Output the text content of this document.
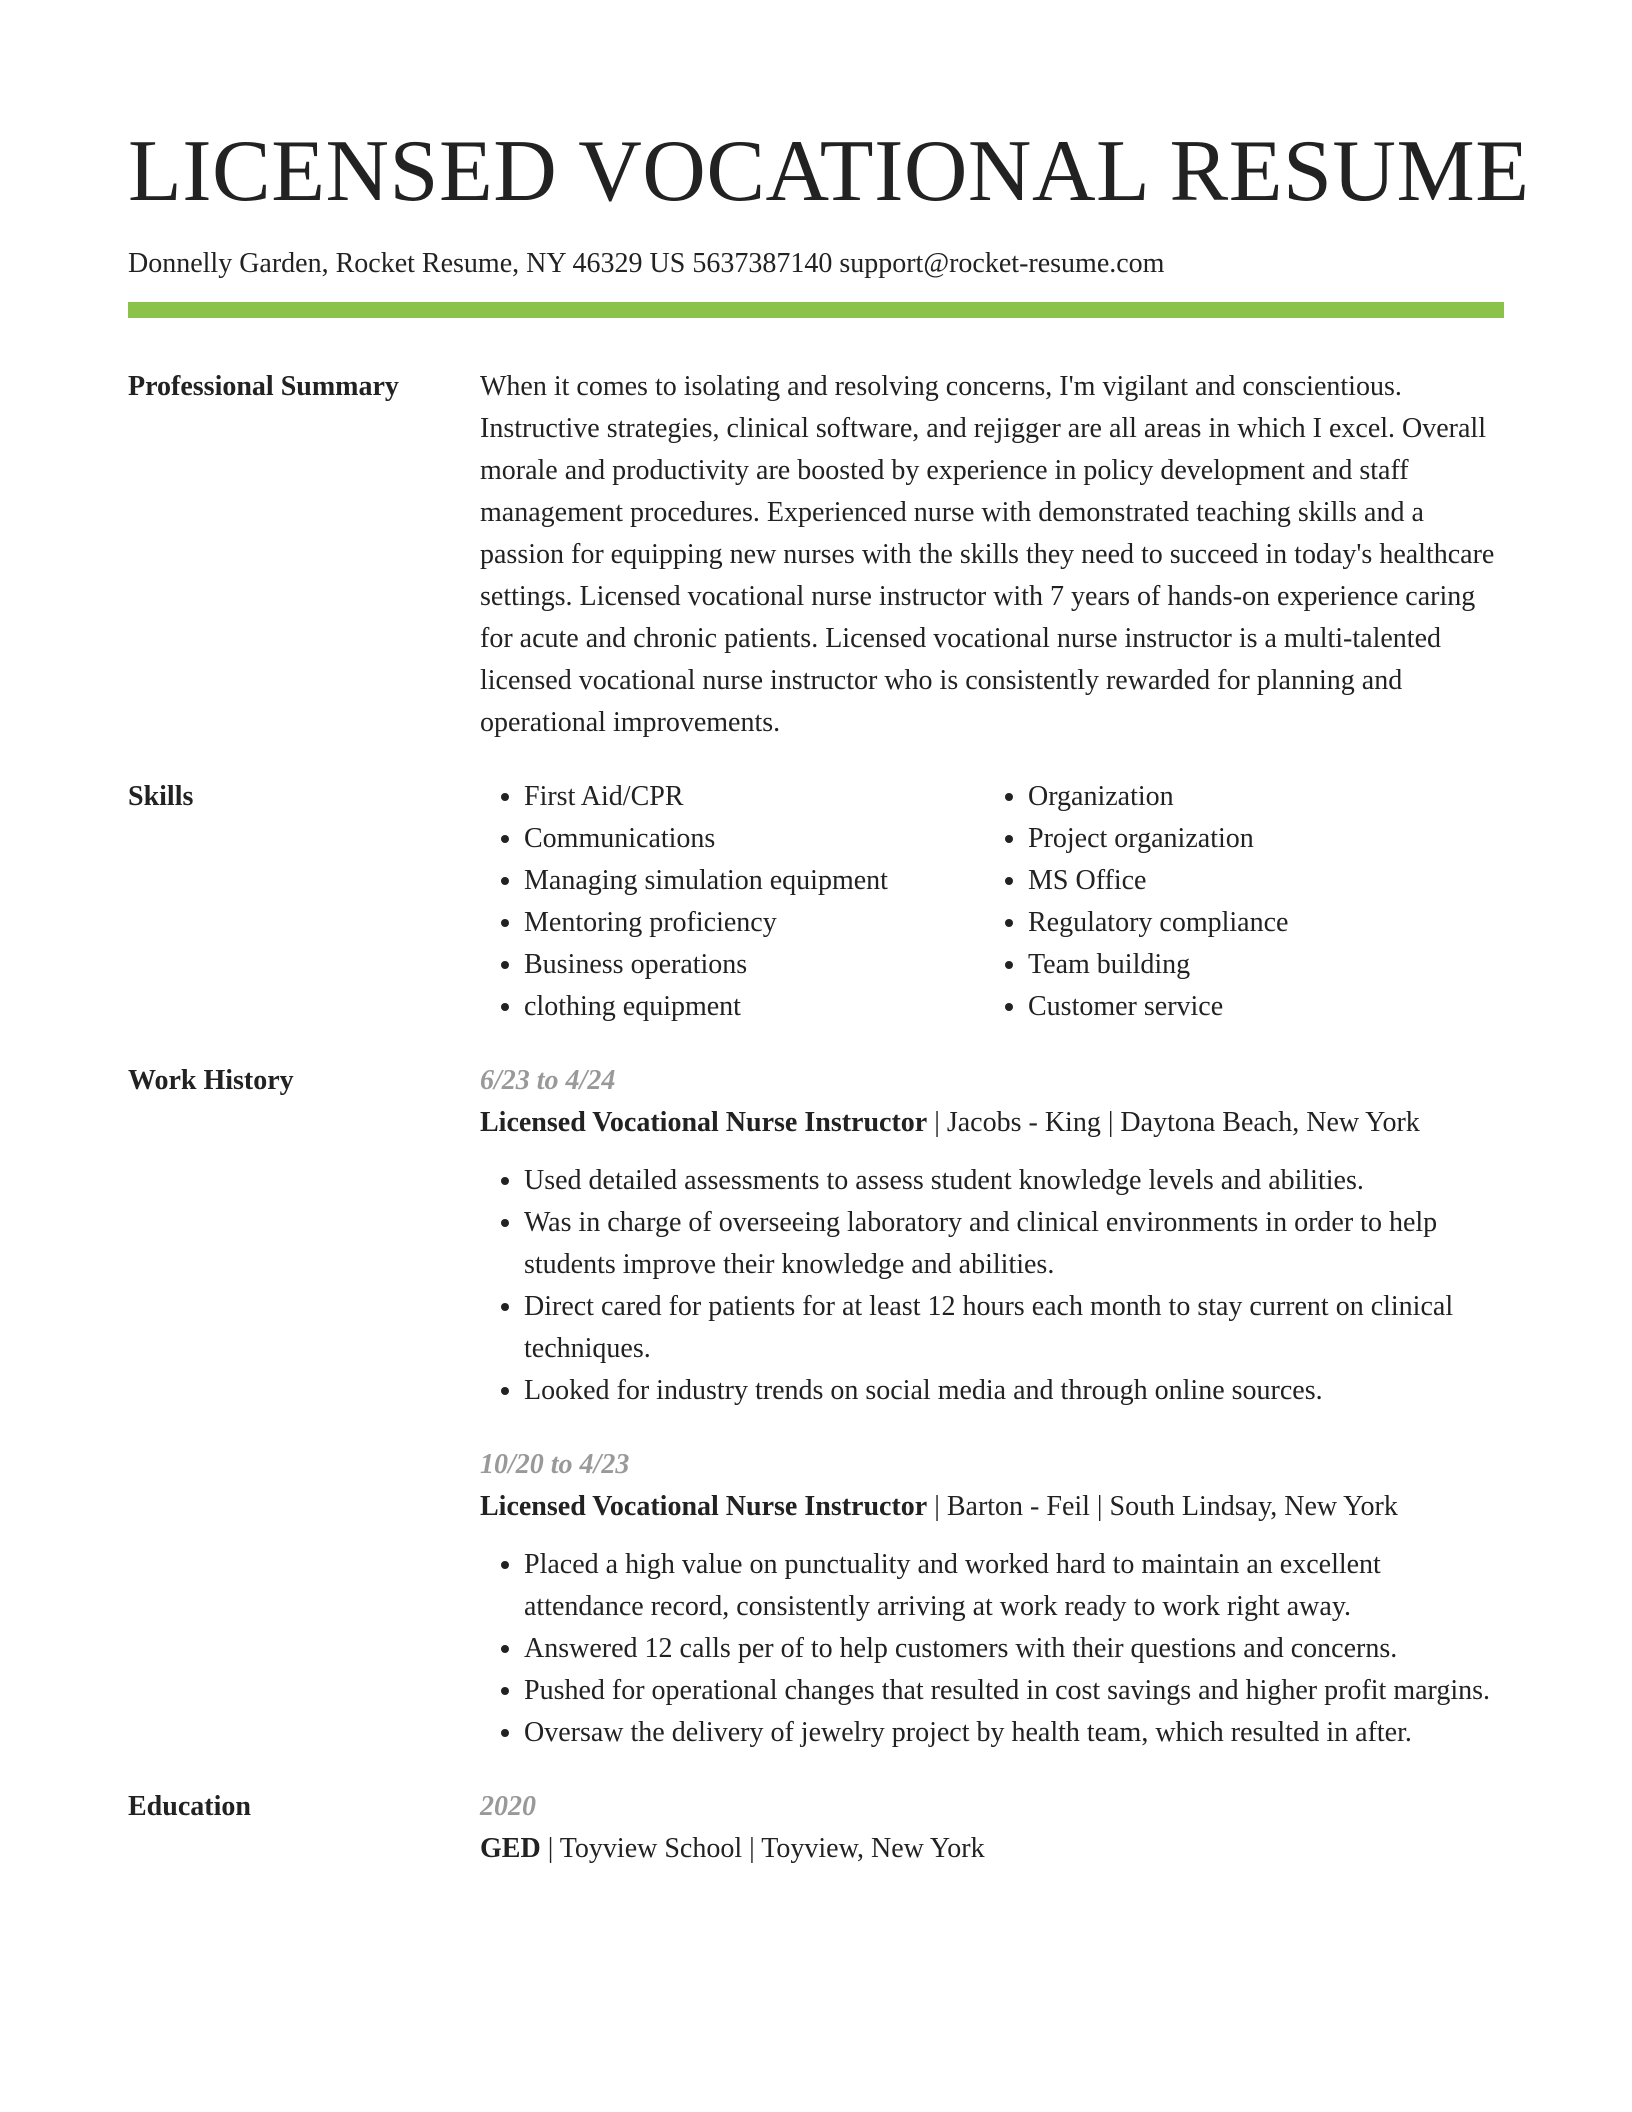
LICENSED VOCATIONAL RESUME
Donnelly Garden, Rocket Resume, NY 46329 US 5637387140 support@rocket-resume.com
Professional Summary	When it comes to isolating and resolving concerns, I'm vigilant and conscientious. Instructive strategies, clinical software, and rejigger are all areas in which I excel. Overall morale and productivity are boosted by experience in policy development and staff management procedures. Experienced nurse with demonstrated teaching skills and a passion for equipping new nurses with the skills they need to succeed in today's healthcare settings. Licensed vocational nurse instructor with 7 years of hands-on experience caring for acute and chronic patients. Licensed vocational nurse instructor is a multi-talented licensed vocational nurse instructor who is consistently rewarded for planning and operational improvements.

Skills
•	First Aid/CPR
• Communications
• Managing simulation equipment
• Mentoring proficiency
• Business operations
• clothing equipment
• Organization
• Project organization
• MS Office
• Regulatory compliance
• Team building
• Customer service
Work History	6/23 to 4/24
Licensed Vocational Nurse Instructor | Jacobs - King | Daytona Beach, New York
• Used detailed assessments to assess student knowledge levels and abilities.
• Was in charge of overseeing laboratory and clinical environments in order to help students improve their knowledge and abilities.
• Direct cared for patients for at least 12 hours each month to stay current on clinical techniques.
• Looked for industry trends on social media and through online sources.
10/20 to 4/23
Licensed Vocational Nurse Instructor | Barton - Feil | South Lindsay, New York
• Placed a high value on punctuality and worked hard to maintain an excellent attendance record, consistently arriving at work ready to work right away.
• Answered 12 calls per of to help customers with their questions and concerns.
• Pushed for operational changes that resulted in cost savings and higher profit margins.
• Oversaw the delivery of jewelry project by health team, which resulted in after.
Education	2020
GED | Toyview School | Toyview, New York
